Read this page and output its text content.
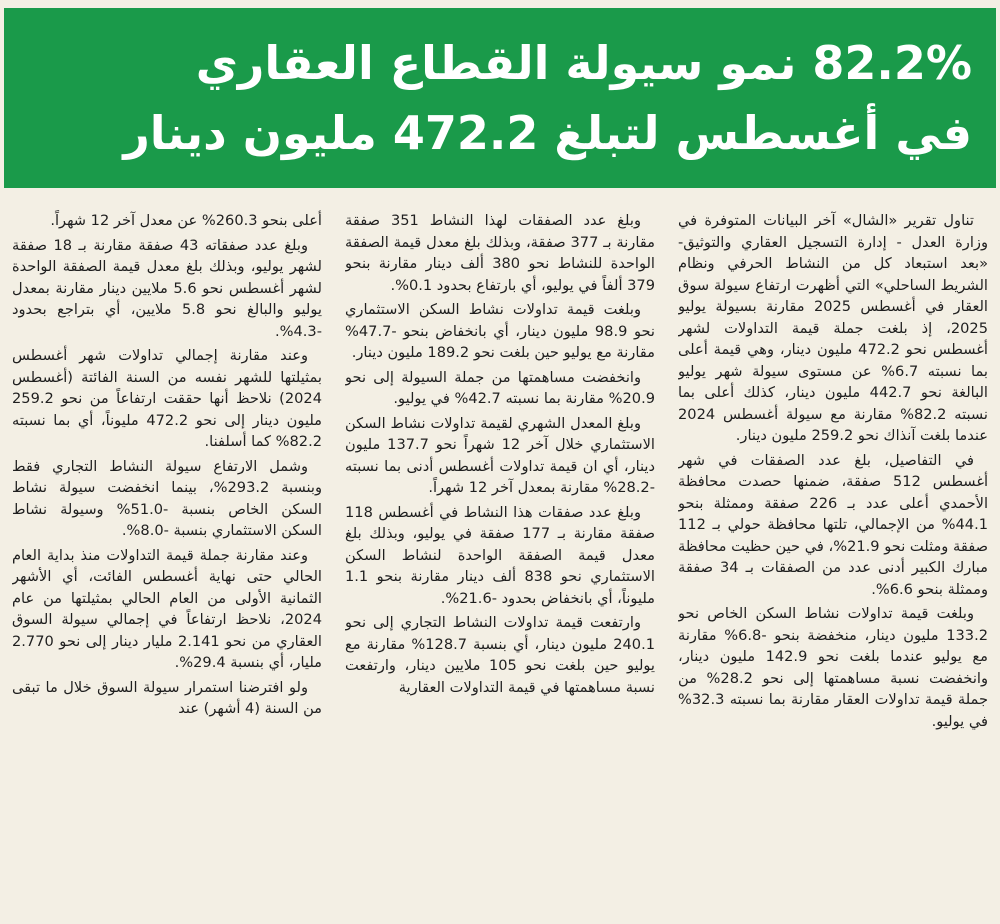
82.2% نمو سيولة القطاع العقاري
في أغسطس لتبلغ 472.2 مليون دينار

تناول تقرير «الشال» آخر البيانات المتوفرة في وزارة العدل - إدارة التسجيل العقاري والتوثيق- «بعد استبعاد كل من النشاط الحرفي ونظام الشريط الساحلي» التي أظهرت ارتفاع سيولة سوق العقار في أغسطس 2025 مقارنة بسيولة يوليو 2025، إذ بلغت جملة قيمة التداولات لشهر أغسطس نحو 472.2 مليون دينار، وهي قيمة أعلى بما نسبته 6.7% عن مستوى سيولة شهر يوليو البالغة نحو 442.7 مليون دينار، كذلك أعلى بما نسبته 82.2% مقارنة مع سيولة أغسطس 2024 عندما بلغت آنذاك نحو 259.2 مليون دينار.

في التفاصيل، بلغ عدد الصفقات في شهر أغسطس 512 صفقة، ضمنها حصدت محافظة الأحمدي أعلى عدد بـ 226 صفقة وممثلة بنحو 44.1% من الإجمالي، تلتها محافظة حولي بـ 112 صفقة ومثلت نحو 21.9%، في حين حظيت محافظة مبارك الكبير أدنى عدد من الصفقات بـ 34 صفقة وممثلة بنحو 6.6%.

وبلغت قيمة تداولات نشاط السكن الخاص نحو 133.2 مليون دينار، منخفضة بنحو -6.8% مقارنة مع يوليو عندما بلغت نحو 142.9 مليون دينار، وانخفضت نسبة مساهمتها إلى نحو 28.2% من جملة قيمة تداولات العقار مقارنة بما نسبته 32.3% في يوليو.

وبلغ عدد الصفقات لهذا النشاط 351 صفقة مقارنة بـ 377 صفقة، وبذلك بلغ معدل قيمة الصفقة الواحدة للنشاط نحو 380 ألف دينار مقارنة بنحو 379 ألفاً في يوليو، أي بارتفاع بحدود 0.1%.

وبلغت قيمة تداولات نشاط السكن الاستثماري نحو 98.9 مليون دينار، أي بانخفاض بنحو -47.7% مقارنة مع يوليو حين بلغت نحو 189.2 مليون دينار.

وانخفضت مساهمتها من جملة السيولة إلى نحو 20.9% مقارنة بما نسبته 42.7% في يوليو.

وبلغ المعدل الشهري لقيمة تداولات نشاط السكن الاستثماري خلال آخر 12 شهراً نحو 137.7 مليون دينار، أي ان قيمة تداولات أغسطس أدنى بما نسبته -28.2% مقارنة بمعدل آخر 12 شهراً.

وبلغ عدد صفقات هذا النشاط في أغسطس 118 صفقة مقارنة بـ 177 صفقة في يوليو، وبذلك بلغ معدل قيمة الصفقة الواحدة لنشاط السكن الاستثماري نحو 838 ألف دينار مقارنة بنحو 1.1 مليوناً، أي بانخفاض بحدود -21.6%.

وارتفعت قيمة تداولات النشاط التجاري إلى نحو 240.1 مليون دينار، أي بنسبة 128.7% مقارنة مع يوليو حين بلغت نحو 105 ملايين دينار، وارتفعت نسبة مساهمتها في قيمة التداولات العقارية

أعلى بنحو 260.3% عن معدل آخر 12 شهراً.

وبلغ عدد صفقاته 43 صفقة مقارنة بـ 18 صفقة لشهر يوليو، وبذلك بلغ معدل قيمة الصفقة الواحدة لشهر أغسطس نحو 5.6 ملايين دينار مقارنة بمعدل يوليو والبالغ نحو 5.8 ملايين، أي بتراجع بحدود -4.3%.

وعند مقارنة إجمالي تداولات شهر أغسطس بمثيلتها للشهر نفسه من السنة الفائتة (أغسطس 2024) نلاحظ أنها حققت ارتفاعاً من نحو 259.2 مليون دينار إلى نحو 472.2 مليوناً، أي بما نسبته 82.2% كما أسلفنا.

وشمل الارتفاع سيولة النشاط التجاري فقط وبنسبة 293.2%، بينما انخفضت سيولة نشاط السكن الخاص بنسبة -51.0% وسيولة نشاط السكن الاستثماري بنسبة -8.0%.

وعند مقارنة جملة قيمة التداولات منذ بداية العام الحالي حتى نهاية أغسطس الفائت، أي الأشهر الثمانية الأولى من العام الحالي بمثيلتها من عام 2024، نلاحظ ارتفاعاً في إجمالي سيولة السوق العقاري من نحو 2.141 مليار دينار إلى نحو 2.770 مليار، أي بنسبة 29.4%.

ولو افترضنا استمرار سيولة السوق خلال ما تبقى من السنة (4 أشهر) عند
